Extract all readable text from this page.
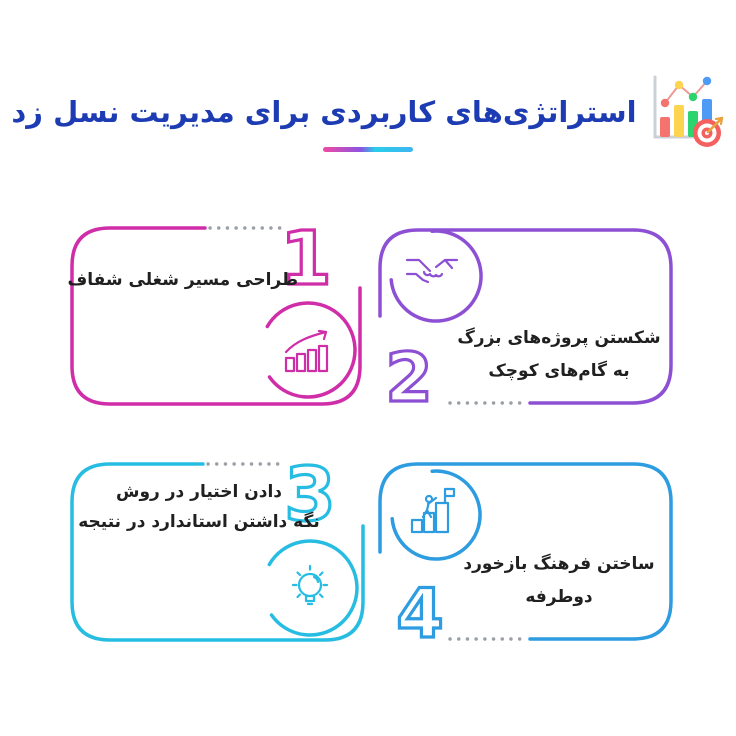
استراتژی‌های کاربردی برای مدیریت نسل زد
1
طراحی مسیر شغلی شفاف
2
شکستن پروژه‌های بزرگ
به گام‌های کوچک
3
دادن اختیار در روش
نگه داشتن استاندارد در نتیجه
4
ساختن فرهنگ بازخورد
دوطرفه
